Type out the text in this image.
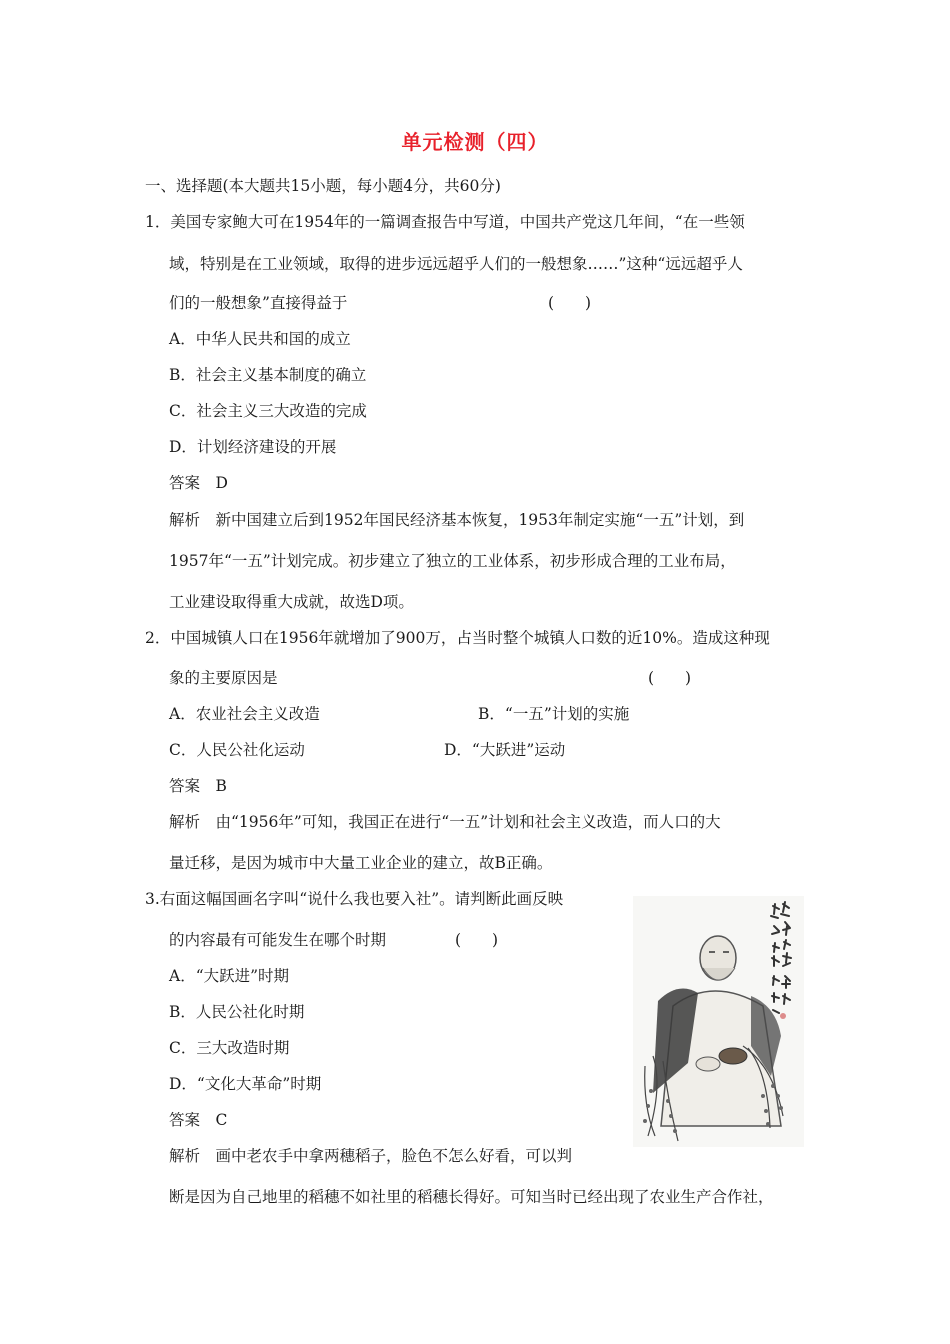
单元检测（四）
一、选择题(本大题共15小题，每小题4分，共60分)
1．美国专家鲍大可在1954年的一篇调查报告中写道，中国共产党这几年间，“在一些领
域，特别是在工业领域，取得的进步远远超乎人们的一般想象……”这种“远远超乎人
们的一般想象”直接得益于	(　　)
A．中华人民共和国的成立
B．社会主义基本制度的确立
C．社会主义三大改造的完成
D．计划经济建设的开展
答案　D
解析　新中国建立后到1952年国民经济基本恢复，1953年制定实施“一五”计划，到
1957年“一五”计划完成。初步建立了独立的工业体系，初步形成合理的工业布局，
工业建设取得重大成就，故选D项。
2．中国城镇人口在1956年就增加了900万，占当时整个城镇人口数的近10%。造成这种现
象的主要原因是	(　　)
A．农业社会主义改造	B．“一五”计划的实施
C．人民公社化运动	D．“大跃进”运动
答案　B
解析　由“1956年”可知，我国正在进行“一五”计划和社会主义改造，而人口的大
量迁移，是因为城市中大量工业企业的建立，故B正确。
3.右面这幅国画名字叫“说什么我也要入社”。请判断此画反映
的内容最有可能发生在哪个时期	(　　)
A．“大跃进”时期
B．人民公社化时期
C．三大改造时期
D．“文化大革命”时期
答案　C
解析　画中老农手中拿两穗稻子，脸色不怎么好看，可以判
断是因为自己地里的稻穗不如社里的稻穗长得好。可知当时已经出现了农业生产合作社，
